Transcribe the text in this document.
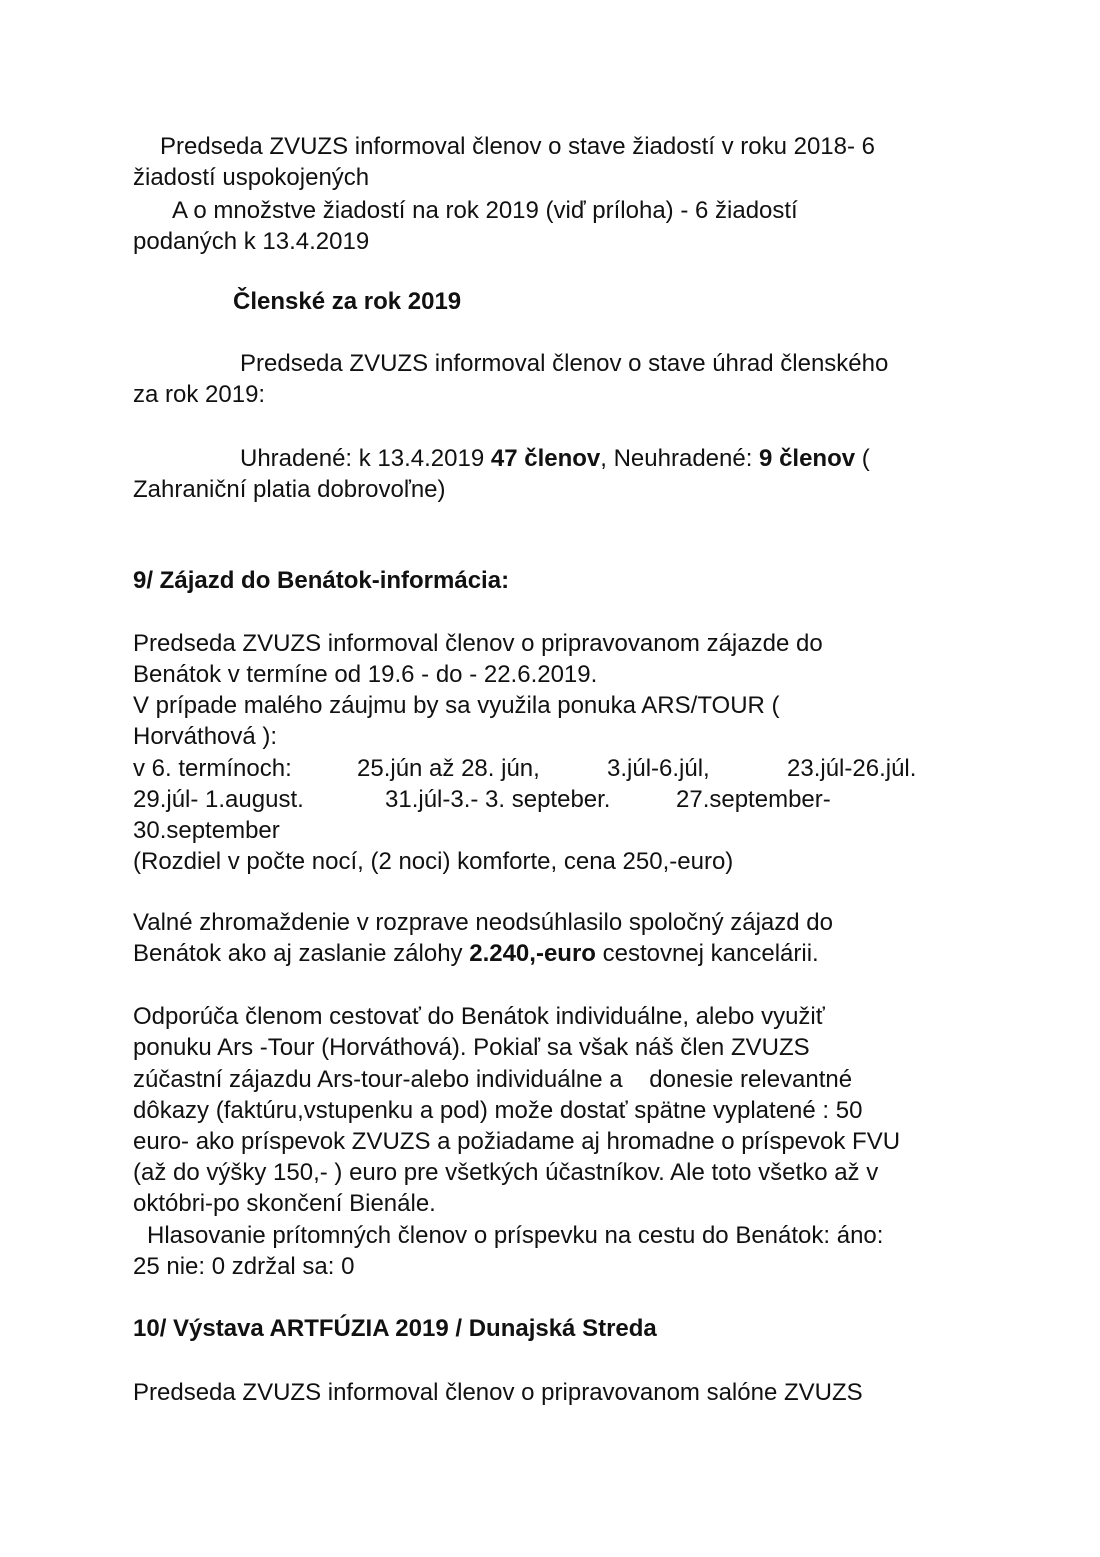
Predseda ZVUZS informoval členov o stave žiadostí v roku 2018- 6
žiadostí uspokojených
A o množstve žiadostí na rok 2019 (viď príloha) - 6 žiadostí
podaných k 13.4.2019
Členské za rok 2019
Predseda ZVUZS informoval členov o stave úhrad členského
za rok 2019:
Uhradené: k 13.4.2019 47 členov, Neuhradené: 9 členov (
Zahraniční platia dobrovoľne)
9/ Zájazd do Benátok-informácia:
Predseda ZVUZS informoval členov o pripravovanom zájazde do
Benátok v termíne od 19.6 - do - 22.6.2019.
V prípade malého záujmu by sa využila ponuka ARS/TOUR (
Horváthová ):
v 6. termínoch:	25.jún až 28. jún,	3.júl-6.júl,	23.júl-26.júl.
29.júl- 1.august.	31.júl-3.- 3. septeber.	27.september-
30.september
(Rozdiel v počte nocí, (2 noci) komforte, cena 250,-euro)
Valné zhromaždenie v rozprave neodsúhlasilo spoločný zájazd do
Benátok ako aj zaslanie zálohy 2.240,-euro cestovnej kancelárii.
Odporúča členom cestovať do Benátok individuálne, alebo využiť
ponuku Ars -Tour (Horváthová). Pokiaľ sa však náš člen ZVUZS
zúčastní zájazdu Ars-tour-alebo individuálne a    donesie relevantné
dôkazy (faktúru,vstupenku a pod) može dostať spätne vyplatené : 50
euro- ako príspevok ZVUZS a požiadame aj hromadne o príspevok FVU
(až do výšky 150,- ) euro pre všetkých účastníkov. Ale toto všetko až v
októbri-po skončení Bienále.
Hlasovanie prítomných členov o príspevku na cestu do Benátok: áno:
25 nie: 0 zdržal sa: 0
10/ Výstava ARTFÚZIA 2019 / Dunajská Streda
Predseda ZVUZS informoval členov o pripravovanom salóne ZVUZS
